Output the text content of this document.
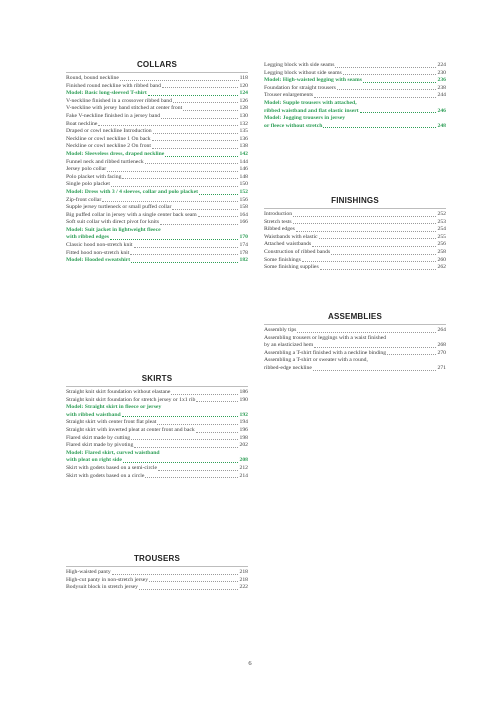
COLLARS
Round, bound neckline	118
Finished round neckline with ribbed band	120
Model: Basic long-sleeved T-shirt	124
V-neckline finished in a crossover ribbed band	126
V-neckline with jersey band stitched at center front	128
Fake V-neckline finished in a jersey band	130
Boat neckline	132
Draped or cowl neckline Introduction	135
Neckline or cowl neckline 1 On back	136
Neckline or cowl neckline 2 On front	138
Model: Sleeveless dress, draped neckline	142
Funnel neck and ribbed turtleneck	144
Jersey polo collar	146
Polo placket with facing	148
Single polo placket	150
Model: Dress with 3 / 4 sleeves, collar and polo placket	152
Zip-front collar	156
Supple jersey turtleneck or small puffed collar	158
Big puffed collar in jersey with a single center back seam	164
Soft suit collar with direct pivot for knits	166
Model: Suit jacket in lightweight fleece
with ribbed edges	170
Classic hood non-stretch knit	174
Fitted hood non-stretch knit	178
Model: Hooded sweatshirt	182
SKIRTS
Straight knit skirt foundation without elastane	186
Straight knit skirt foundation for stretch jersey or 1x1 rib	190
Model: Straight skirt in fleece or jersey
with ribbed waistband	192
Straight skirt with center front flat pleat	194
Straight skirt with inverted pleat at center front and back	196
Flared skirt made by cutting	198
Flared skirt made by pivoting	202
Model: Flared skirt, curved waistband
with pleat on right side	208
Skirt with godets based on a semi-circle	212
Skirt with godets based on a circle	214
TROUSERS
High-waisted panty	218
High-cut panty in non-stretch jersey	218
Bodysuit block in stretch jersey	222
Legging block with side seams	224
Legging block without side seams	230
Model: High-waisted legging with seams	236
Foundation for straight trousers	238
Trouser enlargements	244
Model: Supple trousers with attached,
ribbed waistband and flat elastic insert	246
Model: Jogging trousers in jersey
or fleece without stretch	248
FINISHINGS
Introduction	252
Stretch tests	253
Ribbed edges	254
Waistbands with elastic	255
Attached waistbands	256
Construction of ribbed bands	258
Some finishings	260
Some finishing supplies	262
ASSEMBLIES
Assembly tips	264
Assembling trousers or leggings with a waist finished
by an elasticized hem	268
Assembling a T-shirt finished with a neckline binding	270
Assembling a T-shirt or sweater with a round,
ribbed-edge neckline	271
6
